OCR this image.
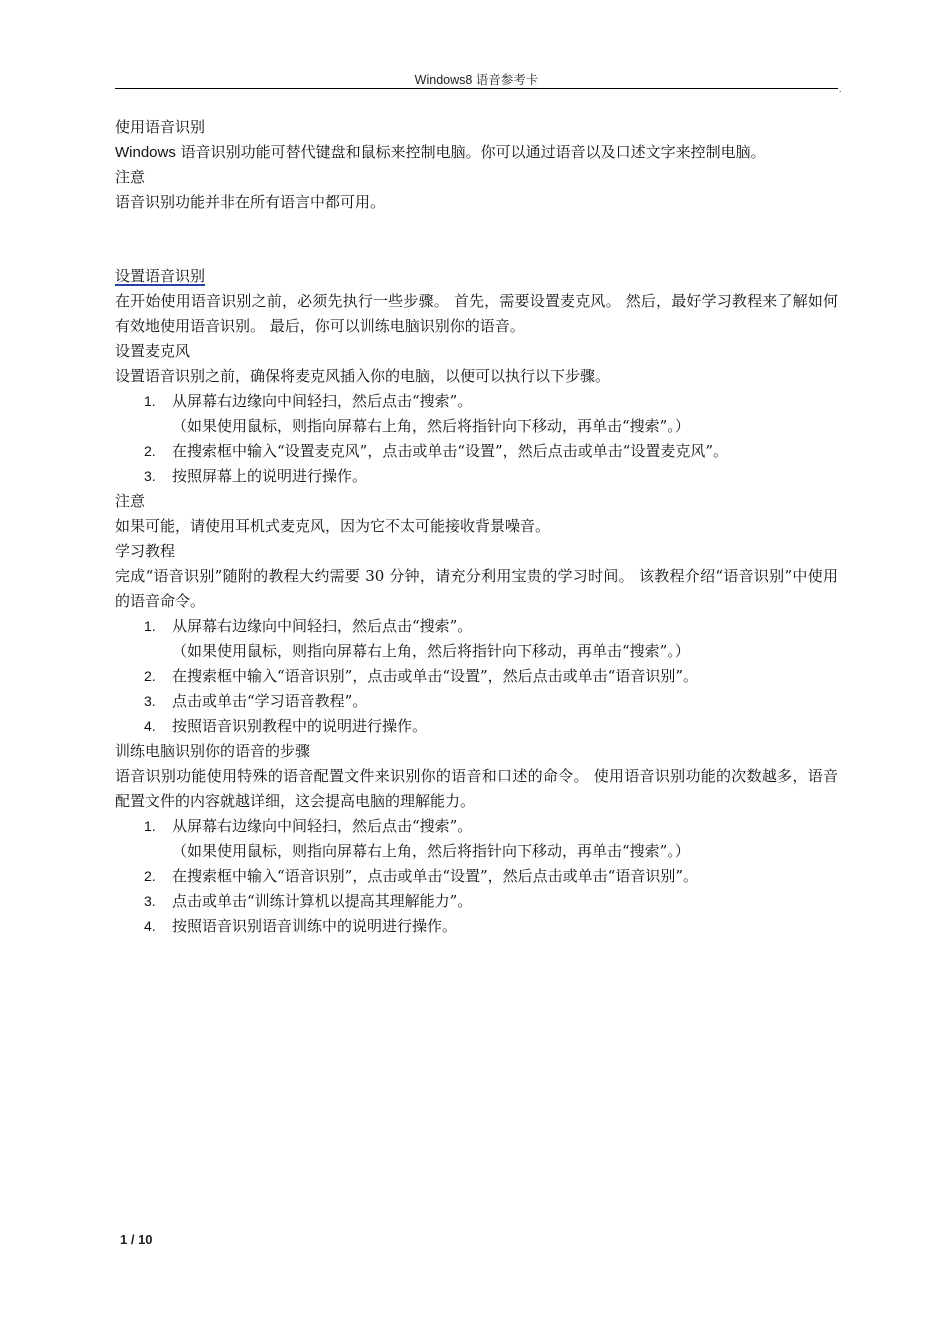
Windows8 语音参考卡
.
使用语音识别
Windows 语音识别功能可替代键盘和鼠标来控制电脑。你可以通过语音以及口述文字来控制电脑。
注意
语音识别功能并非在所有语言中都可用。
设置语音识别
在开始使用语音识别之前，必须先执行一些步骤。 首先，需要设置麦克风。 然后，最好学习教程来了解如何有效地使用语音识别。 最后，你可以训练电脑识别你的语音。
设置麦克风
设置语音识别之前，确保将麦克风插入你的电脑，以便可以执行以下步骤。
1. 从屏幕右边缘向中间轻扫，然后点击“搜索”。
（如果使用鼠标，则指向屏幕右上角，然后将指针向下移动，再单击“搜索”。）
2. 在搜索框中输入“设置麦克风”，点击或单击“设置”，然后点击或单击“设置麦克风”。
3. 按照屏幕上的说明进行操作。
注意
如果可能，请使用耳机式麦克风，因为它不太可能接收背景噪音。
学习教程
完成“语音识别”随附的教程大约需要 30 分钟，请充分利用宝贵的学习时间。 该教程介绍“语音识别”中使用的语音命令。
1. 从屏幕右边缘向中间轻扫，然后点击“搜索”。
（如果使用鼠标，则指向屏幕右上角，然后将指针向下移动，再单击“搜索”。）
2. 在搜索框中输入“语音识别”，点击或单击“设置”，然后点击或单击“语音识别”。
3. 点击或单击“学习语音教程”。
4. 按照语音识别教程中的说明进行操作。
训练电脑识别你的语音的步骤
语音识别功能使用特殊的语音配置文件来识别你的语音和口述的命令。 使用语音识别功能的次数越多，语音配置文件的内容就越详细，这会提高电脑的理解能力。
1. 从屏幕右边缘向中间轻扫，然后点击“搜索”。
（如果使用鼠标，则指向屏幕右上角，然后将指针向下移动，再单击“搜索”。）
2. 在搜索框中输入“语音识别”，点击或单击“设置”，然后点击或单击“语音识别”。
3. 点击或单击“训练计算机以提高其理解能力”。
4. 按照语音识别语音训练中的说明进行操作。
1 / 10
